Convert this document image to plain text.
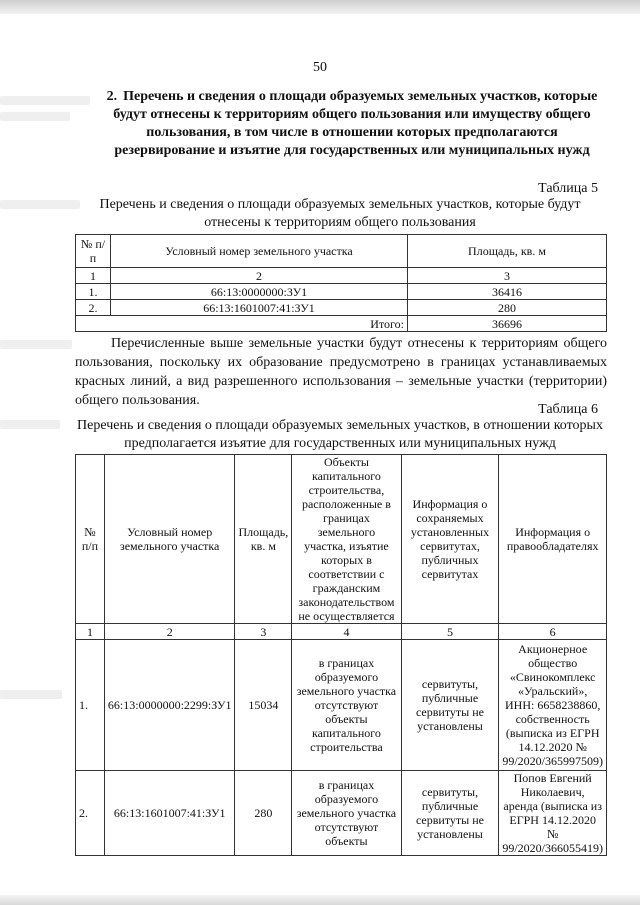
50
2. Перечень и сведения о площади образуемых земельных участков, которые будут отнесены к территориям общего пользования или имуществу общего пользования, в том числе в отношении которых предполагаются резервирование и изъятие для государственных или муниципальных нужд
Таблица 5
Перечень и сведения о площади образуемых земельных участков, которые будут отнесены к территориям общего пользования
№ п/п	Условный номер земельного участка	Площадь, кв. м
1	2	3
1.	66:13:0000000:ЗУ1	36416
2.	66:13:1601007:41:ЗУ1	280
Итого:		36696
Перечисленные выше земельные участки будут отнесены к территориям общего пользования, поскольку их образование предусмотрено в границах устанавливаемых красных линий, а вид разрешенного использования – земельные участки (территории) общего пользования.
Таблица 6
Перечень и сведения о площади образуемых земельных участков, в отношении которых предполагается изъятие для государственных или муниципальных нужд
№ п/п	Условный номер земельного участка	Площадь, кв. м	Объекты капитального строительства, расположенные в границах земельного участка, изъятие которых в соответствии с гражданским законодательством не осуществляется	Информация о сохраняемых установленных сервитутах, публичных сервитутах	Информация о правообладателях
1	2	3	4	5	6
1.	66:13:0000000:2299:ЗУ1	15034	в границах образуемого земельного участка отсутствуют объекты капитального строительства	сервитуты, публичные сервитуты не установлены	Акционерное общество «Свинокомплекс «Уральский», ИНН: 6658238860, собственность (выписка из ЕГРН 14.12.2020 № 99/2020/365997509)
2.	66:13:1601007:41:ЗУ1	280	в границах образуемого земельного участка отсутствуют объекты	сервитуты, публичные сервитуты не установлены	Попов Евгений Николаевич, аренда (выписка из ЕГРН 14.12.2020 № 99/2020/366055419)
